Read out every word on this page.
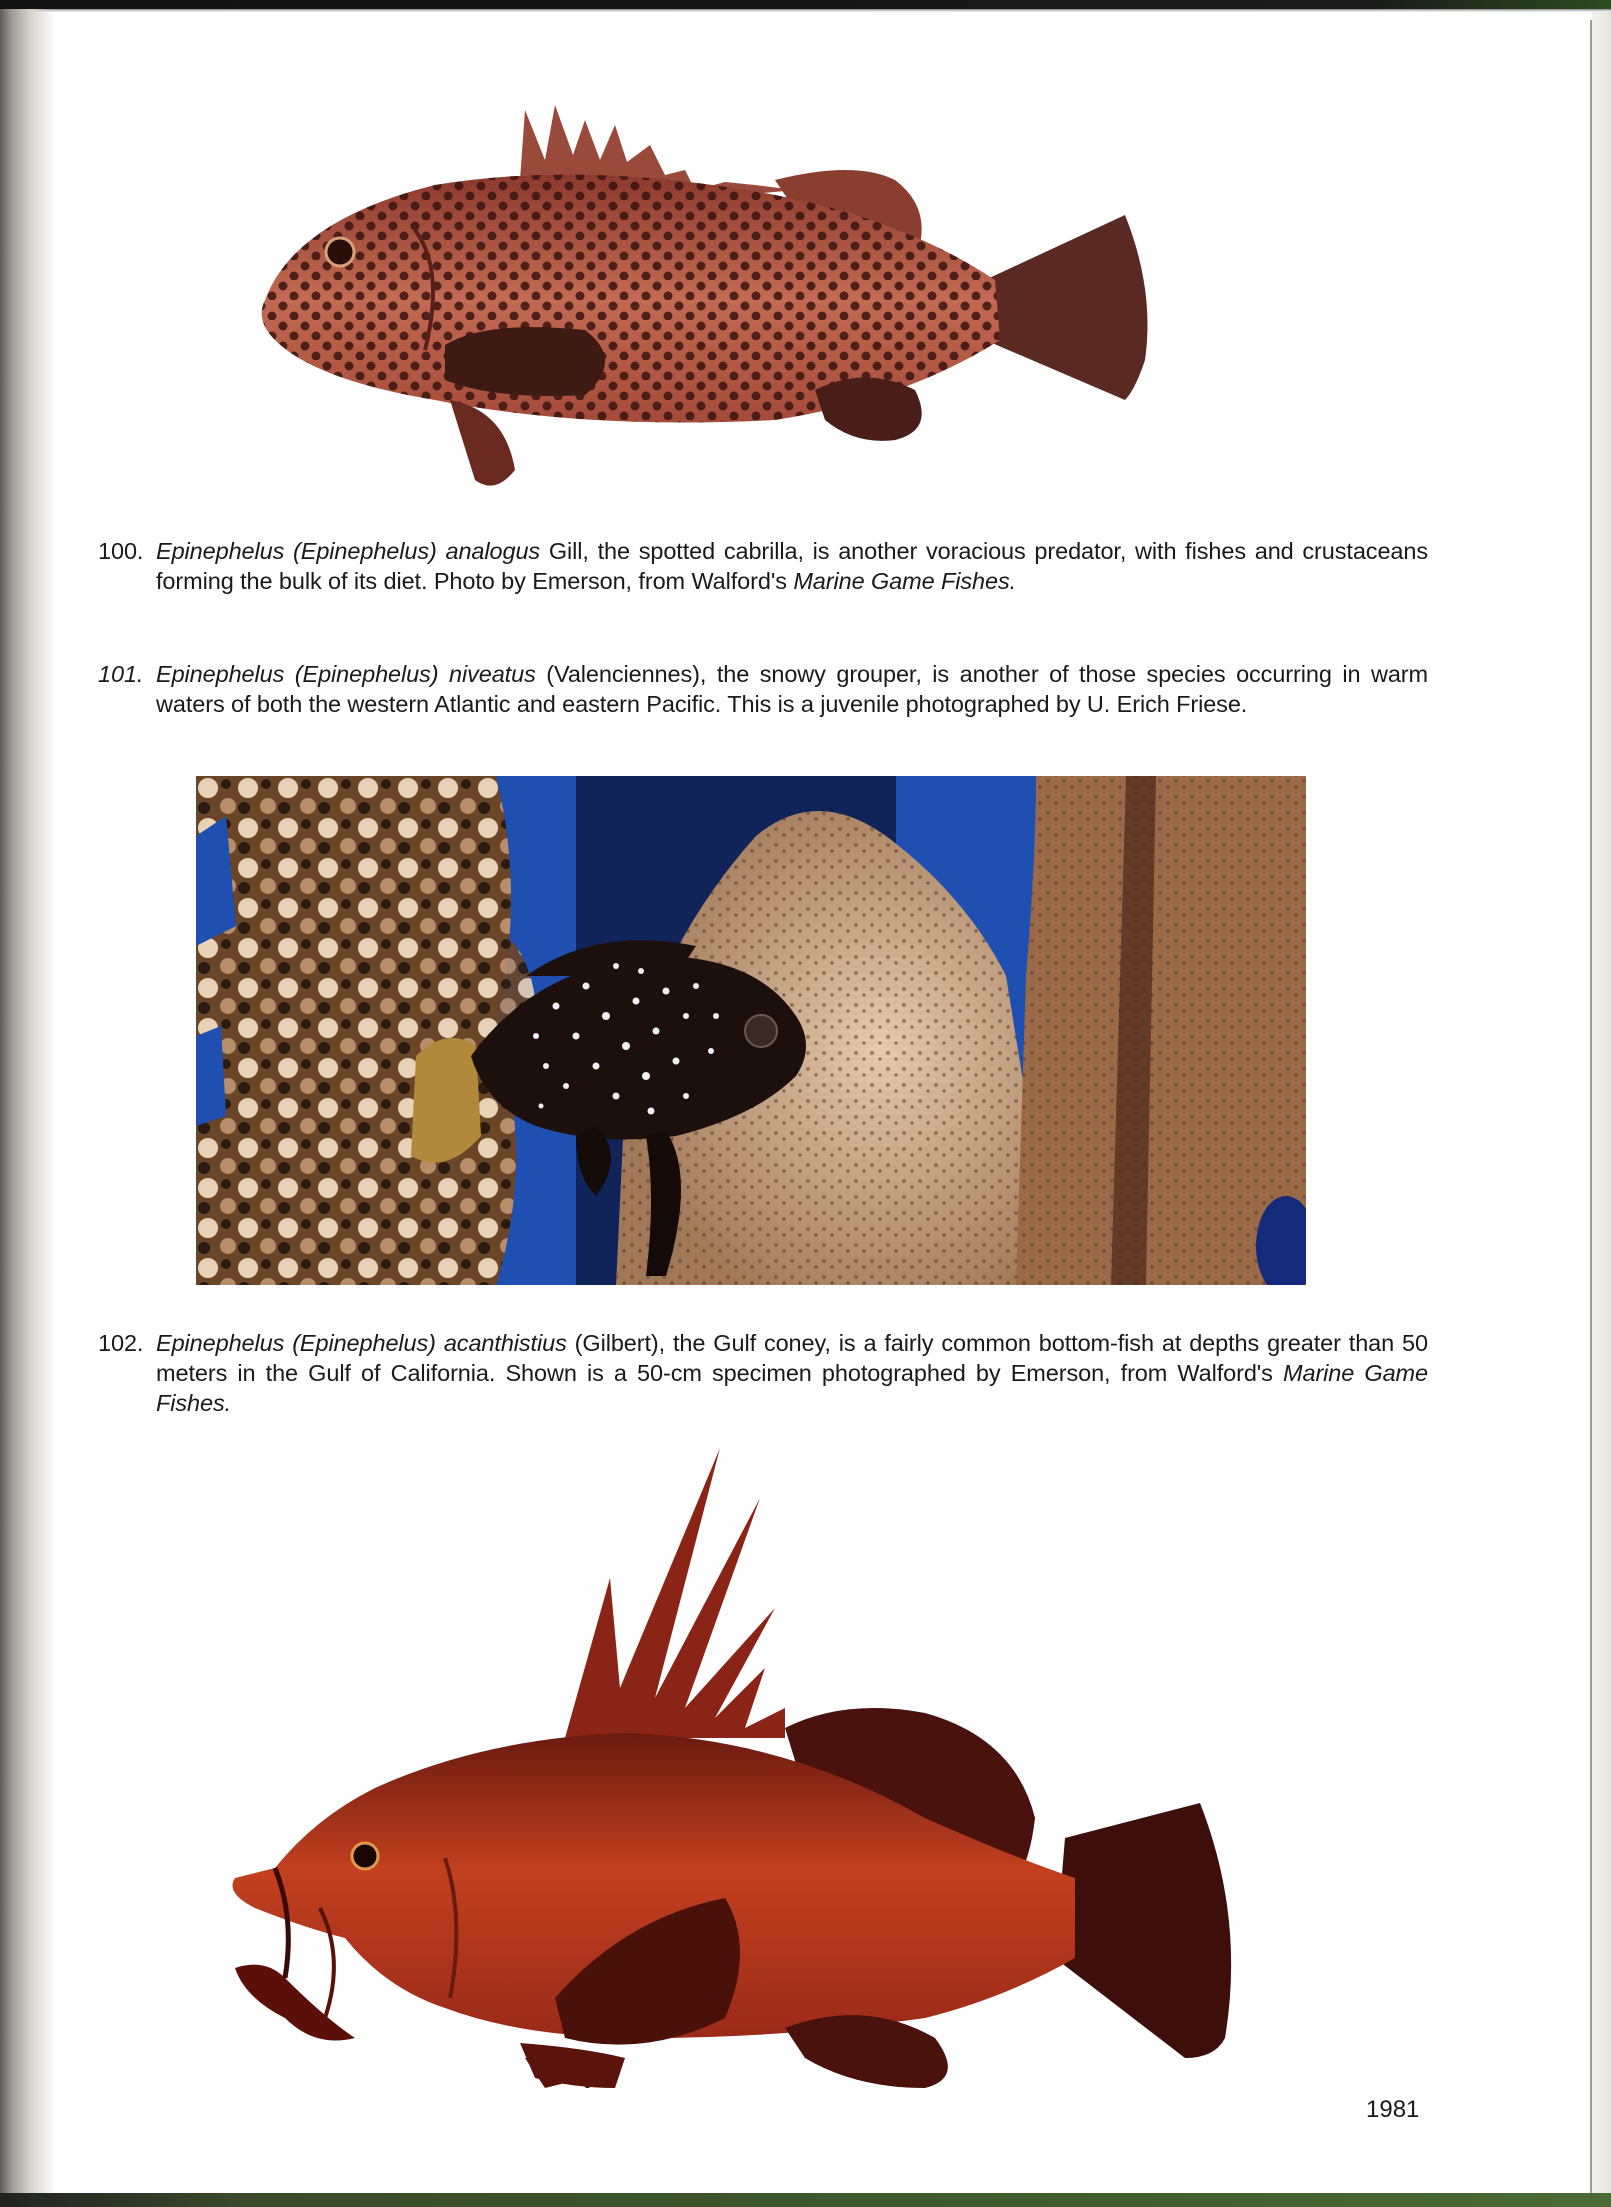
100. Epinephelus (Epinephelus) analogus Gill, the spotted cabrilla, is another voracious predator, with fishes and crustaceans forming the bulk of its diet. Photo by Emerson, from Walford's Marine Game Fishes.
101. Epinephelus (Epinephelus) niveatus (Valenciennes), the snowy grouper, is another of those species occurring in warm waters of both the western Atlantic and eastern Pacific. This is a juvenile photographed by U. Erich Friese.
102. Epinephelus (Epinephelus) acanthistius (Gilbert), the Gulf coney, is a fairly common bottom-fish at depths greater than 50 meters in the Gulf of California. Shown is a 50-cm specimen photographed by Emerson, from Walford's Marine Game Fishes.
1981
